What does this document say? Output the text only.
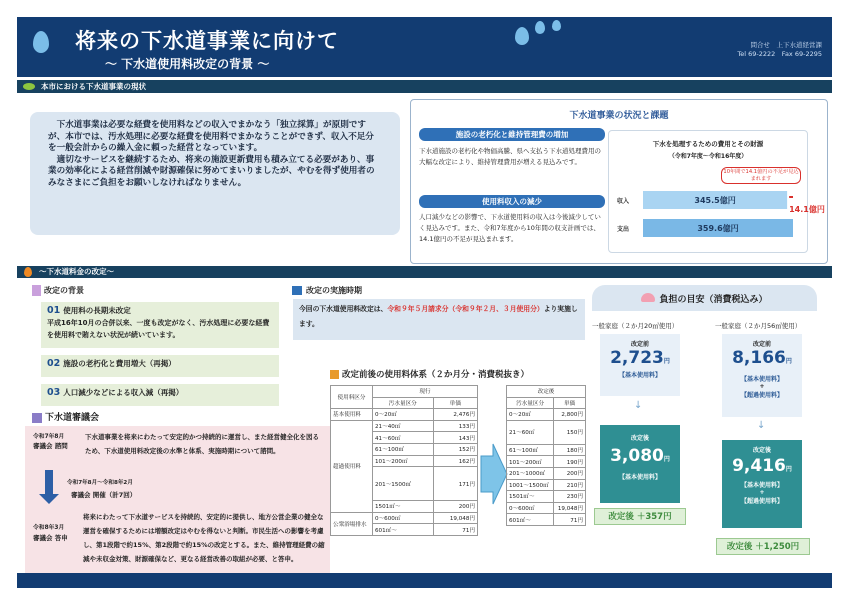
将来の下水道事業に向けて
～ 下水道使用料改定の背景 ～
問合せ　上下水道経営課
Tel 69-2222　Fax 69-2295
本市における下水道事業の現状

下水道事業は必要な経費を使用料などの収入でまかなう「独立採算」が原則ですが、本市では、汚水処理に必要な経費を使用料でまかなうことができず、収入不足分を一般会計からの繰入金に頼った経営となっています。

適切なサービスを継続するため、将来の施設更新費用も積み立てる必要があり、事業の効率化による経営削減や財源確保に努めてまいりましたが、やむを得ず使用者のみなさまにご負担をお願いしなければなりません。

下水道事業の状況と課題
施設の老朽化と維持管理費の増加
下水道施設の老朽化や物価高騰、県へ支払う下水道処理費用の大幅な改定により、維持管理費用が増える見込みです。
使用料収入の減少
人口減少などの影響で、下水道使用料の収入は今後減少していく見込みです。また、令和7年度から10年間の収支計画では、14.1億円の不足が見込まれます。
下水を処理するための費用とその財源
（令和7年度～令和16年度）
10年間で14.1億円の不足が見込まれます
収入	345.5億円
支出	359.6億円
14.1億円
～下水道料金の改定～
改定の背景
01 使用料の長期未改定
平成16年10月の合併以来、一度も改定がなく、汚水処理に必要な経費を使用料で賄えない状況が続いています。
02 施設の老朽化と費用増大（再掲）
03 人口減少などによる収入減（再掲）
下水道審議会
令和7年8月
審議会 諮問
下水道事業を将来にわたって安定的かつ持続的に運営し、また経営健全化を図るため、下水道使用料改定後の水準と体系、実施時期について諮問。
令和7年8月～令和8年2月
審議会 開催（計7回）
令和8年3月
審議会 答申
将来にわたって下水道サービスを持続的、安定的に提供し、地方公営企業の健全な運営を確保するためには増額改定はやむを得ないと判断。市民生活への影響を考慮し、第1段階で約15%、第2段階で約15%の改定とする。また、維持管理経費の縮減や未収金対策、財源確保など、更なる経営改善の取組が必要、と答申。
改定の実施時期
今回の下水道使用料改定は、令和９年５月請求分（令和９年２月、３月使用分）より実施します。
改定前後の使用料体系（２か月分・消費税抜き）
使用料区分	現行	
	汚水量区分	単価
基本使用料	0～20㎥	2,476円
超過使用料	21～40㎥	133円
	41～60㎥	143円
	61～100㎥	152円
	101～200㎥	162円
	201～1500㎥	171円
	1501㎥～	200円
公衆浴場排水	0～600㎥	19,048円
	601㎥～	71円
改定後	
汚水量区分	単価
0～20㎥	2,800円
21～60㎥	150円
61～100㎥	180円
101～200㎥	190円
201～1000㎥	200円
1001～1500㎥	210円
1501㎥～	230円
0～600㎥	19,048円
601㎥～	71円
負担の目安（消費税込み）
一般家庭（２か月20㎥使用）	一般家庭（２か月56㎥使用）
改定前
2,723円
【基本使用料】
改定前
8,166円
【基本使用料】
+
【超過使用料】
↓
↓
改定後
3,080円
【基本使用料】
改定後
9,416円
【基本使用料】
+
【超過使用料】
改定後 ＋357円
改定後 ＋1,250円
